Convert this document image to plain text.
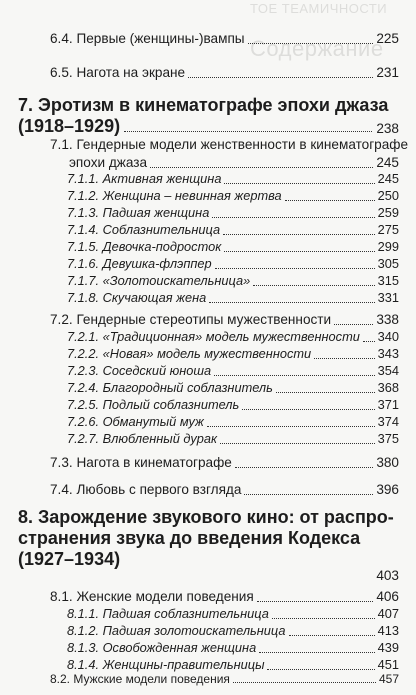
ТОЕ ТЕАМИЧНОСТИ
Содержание
6.4. Первые (женщины-)вампы	225
6.5. Нагота на экране	231
7. Эротизм в кинематографе эпохи джаза
(1918–1929)	238
7.1. Гендерные модели женственности в кинематографе
эпохи джаза	245
7.1.1. Активная женщина	245
7.1.2. Женщина – невинная жертва	250
7.1.3. Падшая женщина	259
7.1.4. Соблазнительница	275
7.1.5. Девочка-подросток	299
7.1.6. Девушка-флэппер	305
7.1.7. «Золотоискательница»	315
7.1.8. Скучающая жена	331
7.2. Гендерные стереотипы мужественности	338
7.2.1. «Традиционная» модель мужественности 340
7.2.2. «Новая» модель мужественности	343
7.2.3. Соседский юноша	354
7.2.4. Благородный соблазнитель	368
7.2.5. Подлый соблазнитель	371
7.2.6. Обманутый муж	374
7.2.7. Влюбленный дурак	375
7.3. Нагота в кинематографе	380
7.4. Любовь с первого взгляда	396
8. Зарождение звукового кино: от распро-
странения звука до введения Кодекса
(1927–1934)
403
8.1. Женские модели поведения	406
8.1.1. Падшая соблазнительница	407
8.1.2. Падшая золотоискательница	413
8.1.3. Освобожденная женщина	439
8.1.4. Женщины-правительницы	451
8.2. Мужские модели поведения	457
